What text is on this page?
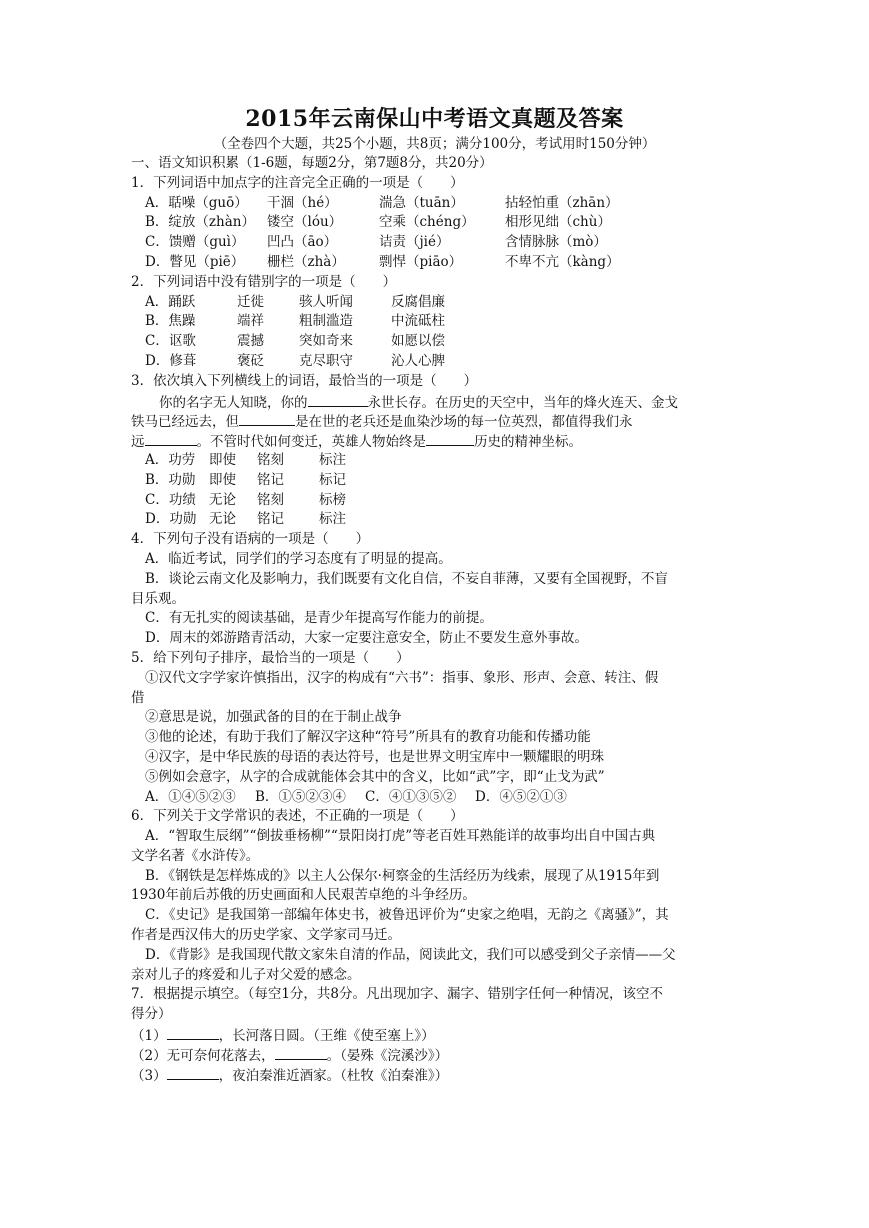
2015年云南保山中考语文真题及答案
（全卷四个大题，共25个小题，共8页；满分100分，考试用时150分钟）
一、语文知识积累（1-6题，每题2分，第7题8分，共20分）
1．下列词语中加点字的注音完全正确的一项是（　　）
A．聒噪（guō）	干涸（hé）	湍急（tuān）	拈轻怕重（zhān）
B．绽放（zhàn） 镂空（lóu）	空乘（chéng）	相形见绌（chù）
C．馈赠（guì）	凹凸（āo）	诘责（jié）	含情脉脉（mò）
D．瞥见（piē）	栅栏（zhà）	剽悍（piāo）	不卑不亢（kàng）
2．下列词语中没有错别字的一项是（　　）
A．踊跃	迁徙	骇人听闻	反腐倡廉
B．焦躁	端祥	粗制滥造	中流砥柱
C．讴歌	震撼	突如奇来	如愿以偿
D．修葺	褒砭	克尽职守	沁人心脾
3．依次填入下列横线上的词语，最恰当的一项是（　　）
你的名字无人知晓，你的	永世长存。在历史的天空中，当年的烽火连天、金戈
铁马已经远去，但	是在世的老兵还是血染沙场的每一位英烈，都值得我们永
远	。不管时代如何变迁，英雄人物始终是	历史的精神坐标。
A．功劳	即使	铭刻	标注
B．功勋	即使	铭记	标记
C．功绩 无论	铭刻	标榜
D．功勋 无论	铭记	标注
4．下列句子没有语病的一项是（　　）
A．临近考试，同学们的学习态度有了明显的提高。
B．谈论云南文化及影响力，我们既要有文化自信，不妄自菲薄，又要有全国视野，不盲
目乐观。
C．有无扎实的阅读基础，是青少年提高写作能力的前提。
D．周末的郊游踏青活动，大家一定要注意安全，防止不要发生意外事故。
5．给下列句子排序，最恰当的一项是（　　）
①汉代文字学家许慎指出，汉字的构成有“六书”：指事、象形、形声、会意、转注、假
借
②意思是说，加强武备的目的在于制止战争
③他的论述，有助于我们了解汉字这种“符号”所具有的教育功能和传播功能
④汉字，是中华民族的母语的表达符号，也是世界文明宝库中一颗耀眼的明珠
⑤例如会意字，从字的合成就能体会其中的含义，比如“武”字，即“止戈为武”
A．①④⑤②③ B．①⑤②③④ C．④①③⑤② D．④⑤②①③
6．下列关于文学常识的表述，不正确的一项是（　　）
A．“智取生辰纲”“倒拔垂杨柳”“景阳岗打虎”等老百姓耳熟能详的故事均出自中国古典
文学名著《水浒传》。
B．《钢铁是怎样炼成的》以主人公保尔·柯察金的生活经历为线索，展现了从1915年到
1930年前后苏俄的历史画面和人民艰苦卓绝的斗争经历。
C．《史记》是我国第一部编年体史书，被鲁迅评价为“史家之绝唱，无韵之《离骚》”，其
作者是西汉伟大的历史学家、文学家司马迁。
D．《背影》是我国现代散文家朱自清的作品，阅读此文，我们可以感受到父子亲情——父
亲对儿子的疼爱和儿子对父爱的感念。
7．根据提示填空。（每空1分，共8分。凡出现加字、漏字、错别字任何一种情况，该空不
得分）
（1）	，长河落日圆。（王维《使至塞上》）
（2）无可奈何花落去，	。（晏殊《浣溪沙》）
（3）	，夜泊秦淮近酒家。（杜牧《泊秦淮》）
